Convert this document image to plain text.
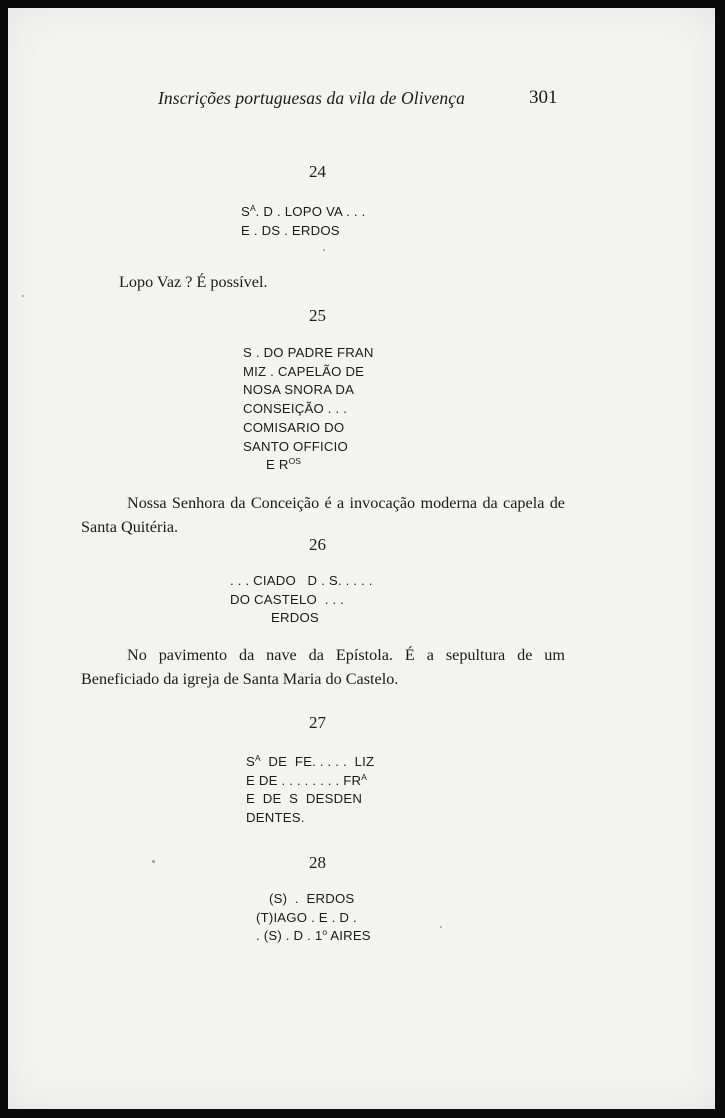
Inscrições portuguesas da vila de Olivença	301
24
$S^A$. D . LOPO VA . . .
E . DS . ERDOS
Lopo Vaz ? É possível.
25
S . DO PADRE FRAN
MIZ . CAPELÃO DE
NOSA SNORA DA
CONSEIÇÃO . . .
COMISARIO DO
SANTO OFFICIO
E $R^{OS}$

Nossa Senhora da Conceição é a invocação moderna da capela de Santa Quitéria.

26
. . . CIADO   D . S. . . . .
DO CASTELO  . . .
ERDOS

No pavimento da nave da Epístola. É a sepultura de um Beneficiado da igreja de Santa Maria do Castelo.

27
$S^A$  DE  FE. . . . .  LIZ
E DE . . . . . . . . $FR^A$
E  DE  S  DESDEN
DENTES.
28
(S)  .  ERDOS
(T)IAGO . E . D .
. (S) . D . 1$^o$ AIRES
